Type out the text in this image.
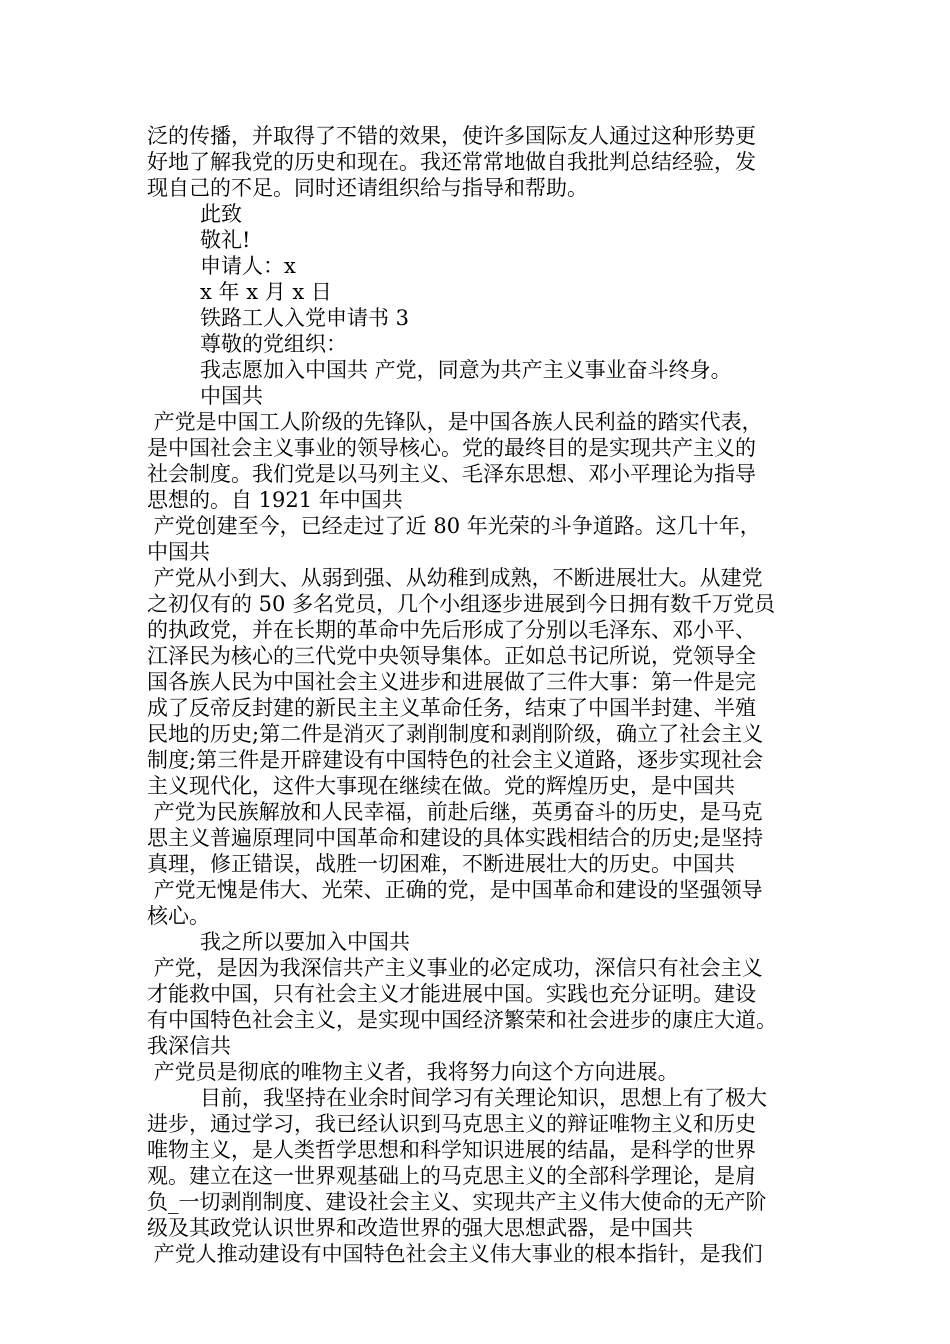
泛的传播，并取得了不错的效果，使许多国际友人通过这种形势更
好地了解我党的历史和现在。我还常常地做自我批判总结经验，发
现自己的不足。同时还请组织给与指导和帮助。
此致
敬礼!
申请人：x
x 年 x 月 x 日
铁路工人入党申请书 3
尊敬的党组织：
我志愿加入中国共 产党，同意为共产主义事业奋斗终身。
中国共
产党是中国工人阶级的先锋队，是中国各族人民利益的踏实代表，
是中国社会主义事业的领导核心。党的最终目的是实现共产主义的
社会制度。我们党是以马列主义、毛泽东思想、邓小平理论为指导
思想的。自 1921 年中国共
产党创建至今，已经走过了近 80 年光荣的斗争道路。这几十年，
中国共
产党从小到大、从弱到强、从幼稚到成熟，不断进展壮大。从建党
之初仅有的 50 多名党员，几个小组逐步进展到今日拥有数千万党员
的执政党，并在长期的革命中先后形成了分别以毛泽东、邓小平、
江泽民为核心的三代党中央领导集体。正如总书记所说，党领导全
国各族人民为中国社会主义进步和进展做了三件大事：第一件是完
成了反帝反封建的新民主主义革命任务，结束了中国半封建、半殖
民地的历史;第二件是消灭了剥削制度和剥削阶级，确立了社会主义
制度;第三件是开辟建设有中国特色的社会主义道路，逐步实现社会
主义现代化，这件大事现在继续在做。党的辉煌历史，是中国共
产党为民族解放和人民幸福，前赴后继，英勇奋斗的历史，是马克
思主义普遍原理同中国革命和建设的具体实践相结合的历史;是坚持
真理，修正错误，战胜一切困难，不断进展壮大的历史。中国共
产党无愧是伟大、光荣、正确的党，是中国革命和建设的坚强领导
核心。
我之所以要加入中国共
产党，是因为我深信共产主义事业的必定成功，深信只有社会主义
才能救中国，只有社会主义才能进展中国。实践也充分证明。建设
有中国特色社会主义，是实现中国经济繁荣和社会进步的康庄大道。
我深信共
产党员是彻底的唯物主义者，我将努力向这个方向进展。
目前，我坚持在业余时间学习有关理论知识，思想上有了极大
进步，通过学习，我已经认识到马克思主义的辩证唯物主义和历史
唯物主义，是人类哲学思想和科学知识进展的结晶，是科学的世界
观。建立在这一世界观基础上的马克思主义的全部科学理论，是肩
负_一切剥削制度、建设社会主义、实现共产主义伟大使命的无产阶
级及其政党认识世界和改造世界的强大思想武器，是中国共
产党人推动建设有中国特色社会主义伟大事业的根本指针，是我们
